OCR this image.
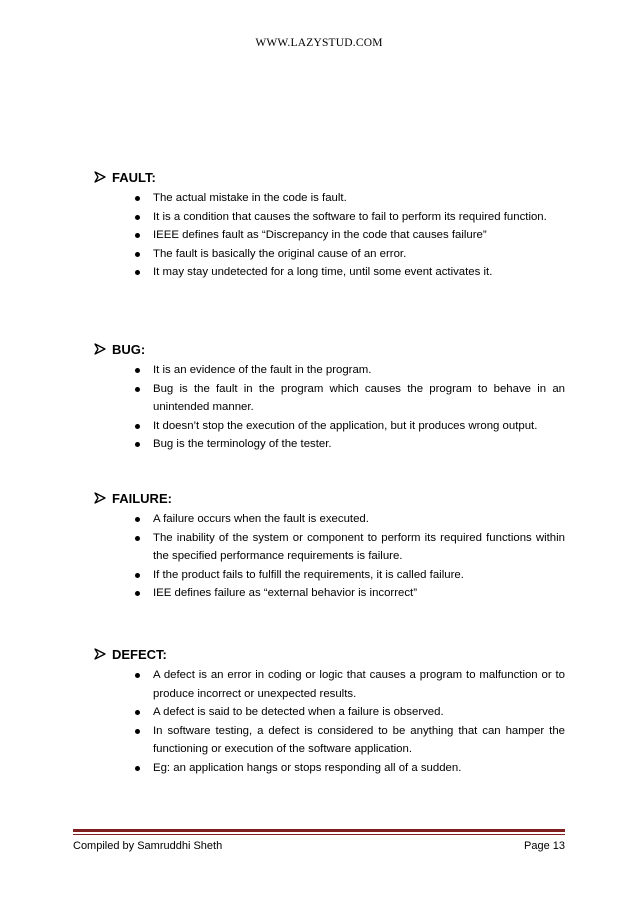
WWW.LAZYSTUD.COM
FAULT:
The actual mistake in the code is fault.
It is a condition that causes the software to fail to perform its required function.
IEEE defines fault as “Discrepancy in the code that causes failure”
The fault is basically the original cause of an error.
It may stay undetected for a long time, until some event activates it.
BUG:
It is an evidence of the fault in the program.
Bug is the fault in the program which causes the program to behave in an unintended manner.
It doesn’t stop the execution of the application, but it produces wrong output.
Bug is the terminology of the tester.
FAILURE:
A failure occurs when the fault is executed.
The inability of the system or component to perform its required functions within the specified performance requirements is failure.
If the product fails to fulfill the requirements, it is called failure.
IEE defines failure as “external behavior is incorrect”
DEFECT:
A defect is an error in coding or logic that causes a program to malfunction or to produce incorrect or unexpected results.
A defect is said to be detected when a failure is observed.
In software testing, a defect is considered to be anything that can hamper the functioning or execution of the software application.
Eg: an application hangs or stops responding all of a sudden.
Compiled by Samruddhi Sheth	Page 13
